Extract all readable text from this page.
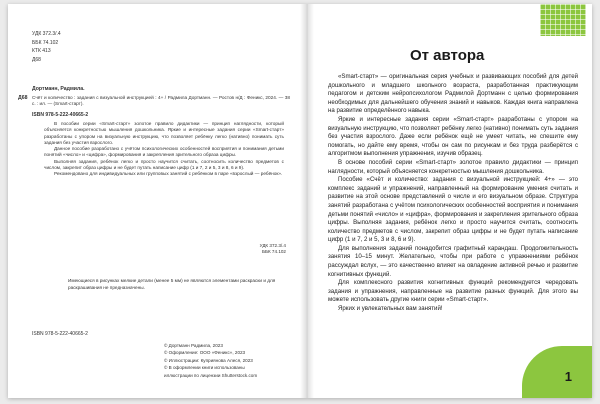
УДК 372.3/.4
ББК 74.102
КТК 413
Д68
Дортманн, Радмила.
Д68 Счёт и количество : задания с визуальной инструкцией : 4+ / Радмила Дортманн. — Ростов н/Д : Феникс, 2024. — 38 с. : ил. — (Smart-старт).
ISBN 978-5-222-40665-2

В пособии серии «Smart-старт» золотое правило дидактики — принцип наглядности, который объясняется конкретностью мышления дошкольника. Яркие и интересные задания серии «Smart-старт» разработаны с упором на визуальную инструкцию, что позволяет ребёнку легко (нативно) понимать суть задания без участия взрослого.

Данное пособие разработано с учётом психологических особенностей восприятия и понимания детьми понятий «число» и «цифра», формирования и закрепления зрительного образа цифры.

Выполняя задания, ребёнок легко и просто научится считать, соотносить количество предметов с числом, закрепит образ цифры и не будет путать написание цифр (1 и 7, 2 и 5, 3 и 8, 6 и 9).

Рекомендовано для индивидуальных или групповых занятий с ребёнком в паре «взрослый — ребёнок».

УДК 372.3/.4
ББК 74.102
Имеющиеся в рисунках мелкие детали (менее 5 мм) не являются элементами раскраски и для раскрашивания не предназначены.
ISBN 978-5-222-40665-2
© Дортманн Радмила, 2023
© Оформление: ООО «Феникс», 2023
© Иллюстрации: Куприянова Алеся, 2023
© В оформлении книги использованы
иллюстрации по лицензии Shutterstock.com
От автора

«Smart-старт» — оригинальная серия учебных и развивающих пособий для детей дошкольного и младшего школьного возраста, разработанная практикующим педагогом и детским нейропсихологом Радмилой Дортманн с целью формирования необходимых для дальнейшего обучения знаний и навыков. Каждая книга направлена на развитие определённого навыка.

Яркие и интересные задания серии «Smart-старт» разработаны с упором на визуальную инструкцию, что позволяет ребёнку легко (нативно) понимать суть задания без участия взрослого. Даже если ребёнок ещё не умеет читать, не спешите ему помогать, но дайте ему время, чтобы он сам по рисункам и без труда разберётся с алгоритмом выполнения упражнения, изучив образец.

В основе пособий серии «Smart-старт» золотое правило дидактики — принцип наглядности, который объясняется конкретностью мышления дошкольника.

Пособие «Счёт и количество: задания с визуальной инструкцией: 4+» — это комплекс заданий и упражнений, направленный на формирование умения считать и развитие на этой основе представлений о числе и его визуальном образе. Структура занятий разработана с учётом психологических особенностей восприятия и понимания детьми понятий «число» и «цифра», формирования и закрепления зрительного образа цифры. Выполняя задания, ребёнок легко и просто научится считать, соотносить количество предметов с числом, закрепит образ цифры и не будет путать написание цифр (1 и 7, 2 и 5, 3 и 8, 6 и 9).

Для выполнения заданий понадобится графитный карандаш. Продолжительность занятия 10–15 минут. Желательно, чтобы при работе с упражнениями ребёнок рассуждал вслух, — это качественно влияет на овладение активной речью и развитие когнитивных функций.

Для комплексного развития когнитивных функций рекомендуется чередовать задания и упражнения, направленные на развитие разных функций. Для этого вы можете использовать другие книги серии «Smart-старт».

Ярких и увлекательных вам занятий!

1
